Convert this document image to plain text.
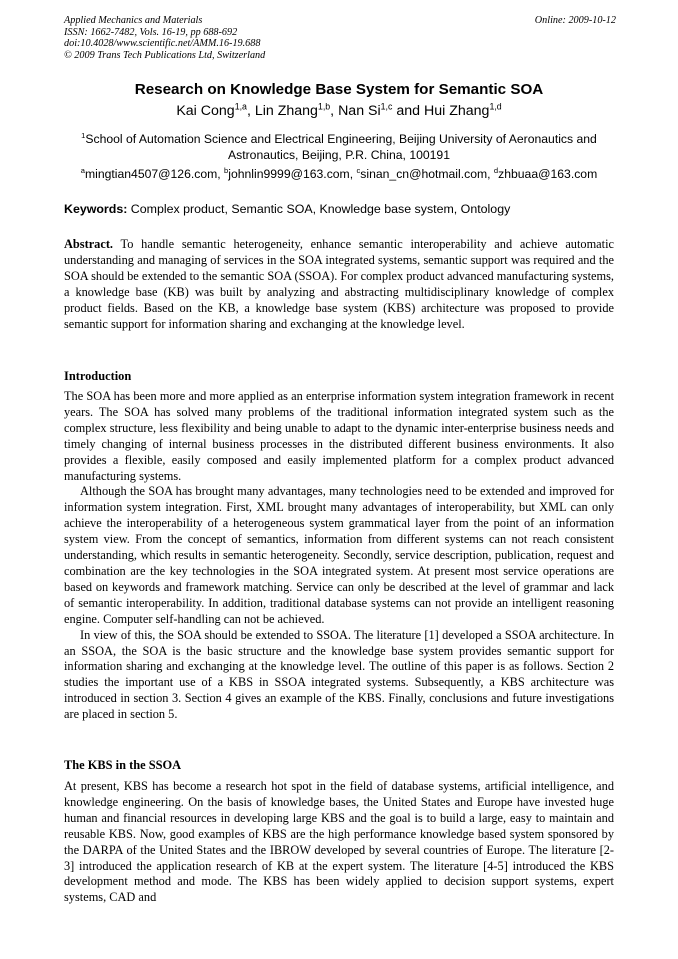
Applied Mechanics and Materials
ISSN: 1662-7482, Vols. 16-19, pp 688-692
doi:10.4028/www.scientific.net/AMM.16-19.688
© 2009 Trans Tech Publications Ltd, Switzerland
Online: 2009-10-12
Research on Knowledge Base System for Semantic SOA
Kai Cong$^{1,a}$, Lin Zhang$^{1,b}$, Nan Si$^{1,c}$ and Hui Zhang$^{1,d}$
$^1$School of Automation Science and Electrical Engineering, Beijing University of Aeronautics and Astronautics, Beijing, P.R. China, 100191
$^a$mingtian4507@126.com, $^b$johnlin9999@163.com, $^c$sinan_cn@hotmail.com, $^d$zhbuaa@163.com
Keywords: Complex product, Semantic SOA, Knowledge base system, Ontology

Abstract. To handle semantic heterogeneity, enhance semantic interoperability and achieve automatic understanding and managing of services in the SOA integrated systems, semantic support was required and the SOA should be extended to the semantic SOA (SSOA). For complex product advanced manufacturing systems, a knowledge base (KB) was built by analyzing and abstracting multidisciplinary knowledge of complex product fields. Based on the KB, a knowledge base system (KBS) architecture was proposed to provide semantic support for information sharing and exchanging at the knowledge level.

Introduction

The SOA has been more and more applied as an enterprise information system integration framework in recent years. The SOA has solved many problems of the traditional information integrated system such as the complex structure, less flexibility and being unable to adapt to the dynamic inter-enterprise business needs and timely changing of internal business processes in the distributed different business environments. It also provides a flexible, easily composed and easily implemented platform for a complex product advanced manufacturing systems.

Although the SOA has brought many advantages, many technologies need to be extended and improved for information system integration. First, XML brought many advantages of interoperability, but XML can only achieve the interoperability of a heterogeneous system grammatical layer from the point of an information system view. From the concept of semantics, information from different systems can not reach consistent understanding, which results in semantic heterogeneity. Secondly, service description, publication, request and combination are the key technologies in the SOA integrated system. At present most service operations are based on keywords and framework matching. Service can only be described at the level of grammar and lack of semantic interoperability. In addition, traditional database systems can not provide an intelligent reasoning engine. Computer self-handling can not be achieved.

In view of this, the SOA should be extended to SSOA. The literature [1] developed a SSOA architecture. In an SSOA, the SOA is the basic structure and the knowledge base system provides semantic support for information sharing and exchanging at the knowledge level. The outline of this paper is as follows. Section 2 studies the important use of a KBS in SSOA integrated systems. Subsequently, a KBS architecture was introduced in section 3. Section 4 gives an example of the KBS. Finally, conclusions and future investigations are placed in section 5.

The KBS in the SSOA

At present, KBS has become a research hot spot in the field of database systems, artificial intelligence, and knowledge engineering. On the basis of knowledge bases, the United States and Europe have invested huge human and financial resources in developing large KBS and the goal is to build a large, easy to maintain and reusable KBS. Now, good examples of KBS are the high performance knowledge based system sponsored by the DARPA of the United States and the IBROW developed by several countries of Europe. The literature [2-3] introduced the application research of KB at the expert system. The literature [4-5] introduced the KBS development method and mode. The KBS has been widely applied to decision support systems, expert systems, CAD and
